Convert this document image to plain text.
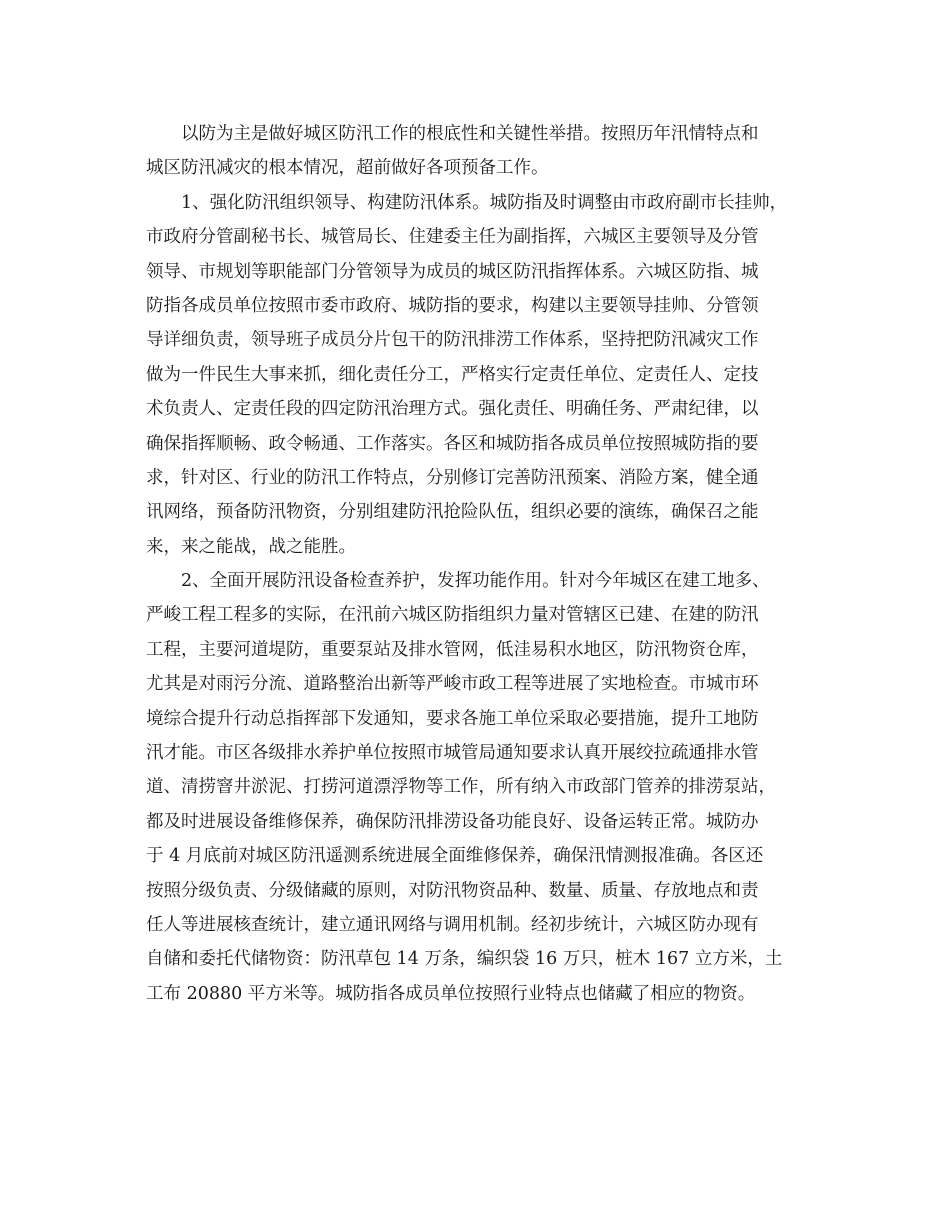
以防为主是做好城区防汛工作的根底性和关键性举措。按照历年汛情特点和
城区防汛减灾的根本情况，超前做好各项预备工作。
1、强化防汛组织领导、构建防汛体系。城防指及时调整由市政府副市长挂帅，
市政府分管副秘书长、城管局长、住建委主任为副指挥，六城区主要领导及分管
领导、市规划等职能部门分管领导为成员的城区防汛指挥体系。六城区防指、城
防指各成员单位按照市委市政府、城防指的要求，构建以主要领导挂帅、分管领
导详细负责，领导班子成员分片包干的防汛排涝工作体系，坚持把防汛减灾工作
做为一件民生大事来抓，细化责任分工，严格实行定责任单位、定责任人、定技
术负责人、定责任段的四定防汛治理方式。强化责任、明确任务、严肃纪律，以
确保指挥顺畅、政令畅通、工作落实。各区和城防指各成员单位按照城防指的要
求，针对区、行业的防汛工作特点，分别修订完善防汛预案、消险方案，健全通
讯网络，预备防汛物资，分别组建防汛抢险队伍，组织必要的演练，确保召之能
来，来之能战，战之能胜。
2、全面开展防汛设备检查养护，发挥功能作用。针对今年城区在建工地多、
严峻工程工程多的实际，在汛前六城区防指组织力量对管辖区已建、在建的防汛
工程，主要河道堤防，重要泵站及排水管网，低洼易积水地区，防汛物资仓库，
尤其是对雨污分流、道路整治出新等严峻市政工程等进展了实地检查。市城市环
境综合提升行动总指挥部下发通知，要求各施工单位采取必要措施，提升工地防
汛才能。市区各级排水养护单位按照市城管局通知要求认真开展绞拉疏通排水管
道、清捞窨井淤泥、打捞河道漂浮物等工作，所有纳入市政部门管养的排涝泵站，
都及时进展设备维修保养，确保防汛排涝设备功能良好、设备运转正常。城防办
于 4 月底前对城区防汛遥测系统进展全面维修保养，确保汛情测报准确。各区还
按照分级负责、分级储藏的原则，对防汛物资品种、数量、质量、存放地点和责
任人等进展核查统计，建立通讯网络与调用机制。经初步统计，六城区防办现有
自储和委托代储物资：防汛草包 14 万条，编织袋 16 万只，桩木 167 立方米，土
工布 20880 平方米等。城防指各成员单位按照行业特点也储藏了相应的物资。
